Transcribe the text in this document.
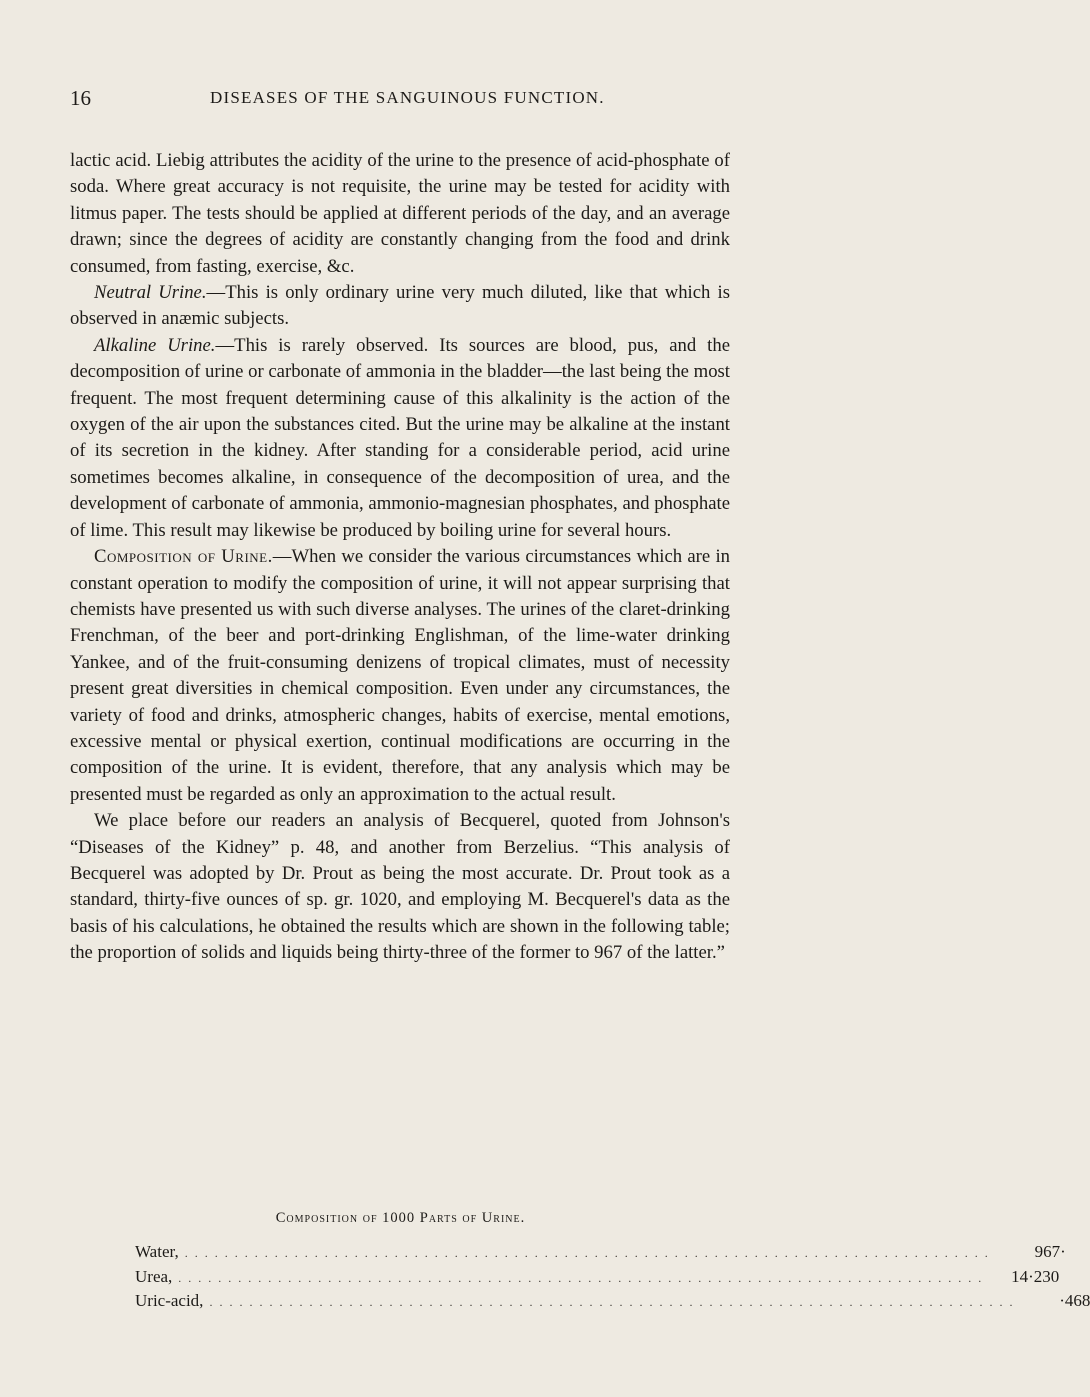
16	DISEASES OF THE SANGUINOUS FUNCTION.

lactic acid. Liebig attributes the acidity of the urine to the presence of acid-phosphate of soda. Where great accuracy is not requisite, the urine may be tested for acidity with litmus paper. The tests should be applied at different periods of the day, and an average drawn; since the degrees of acidity are constantly changing from the food and drink consumed, from fasting, exercise, &c.

Neutral Urine.—This is only ordinary urine very much diluted, like that which is observed in anæmic subjects.

Alkaline Urine.—This is rarely observed. Its sources are blood, pus, and the decomposition of urine or carbonate of ammonia in the bladder—the last being the most frequent. The most frequent determining cause of this alkalinity is the action of the oxygen of the air upon the substances cited. But the urine may be alkaline at the instant of its secretion in the kidney. After standing for a considerable period, acid urine sometimes becomes alkaline, in consequence of the decomposition of urea, and the development of carbonate of ammonia, ammonio-magnesian phosphates, and phosphate of lime. This result may likewise be produced by boiling urine for several hours.

Composition of Urine.—When we consider the various circumstances which are in constant operation to modify the composition of urine, it will not appear surprising that chemists have presented us with such diverse analyses. The urines of the claret-drinking Frenchman, of the beer and port-drinking Englishman, of the lime-water drinking Yankee, and of the fruit-consuming denizens of tropical climates, must of necessity present great diversities in chemical composition. Even under any circumstances, the variety of food and drinks, atmospheric changes, habits of exercise, mental emotions, excessive mental or physical exertion, continual modifications are occurring in the composition of the urine. It is evident, therefore, that any analysis which may be presented must be regarded as only an approximation to the actual result.

We place before our readers an analysis of Becquerel, quoted from Johnson's “Diseases of the Kidney” p. 48, and another from Berzelius. “This analysis of Becquerel was adopted by Dr. Prout as being the most accurate. Dr. Prout took as a standard, thirty-five ounces of sp. gr. 1020, and employing M. Becquerel's data as the basis of his calculations, he obtained the results which are shown in the following table; the proportion of solids and liquids being thirty-three of the former to 967 of the latter.”

Composition of 1000 Parts of Urine.
Water, . . . . . . . . . . . . . . . . . . . . . . . . . . . . . . . . . . . . . . . . . . . . . . . . . . . . . . . . . . . . . . . . . . . . . . . . . . . . . . . . .	967·
Urea, . . . . . . . . . . . . . . . . . . . . . . . . . . . . . . . . . . . . . . . . . . . . . . . . . . . . . . . . . . . . . . . . . . . . . . . . . . . . . . . . .	14·230
Uric-acid, . . . . . . . . . . . . . . . . . . . . . . . . . . . . . . . . . . . . . . . . . . . . . . . . . . . . . . . . . . . . . . . . . . . . . . . . . . . . . . . . .	·468
